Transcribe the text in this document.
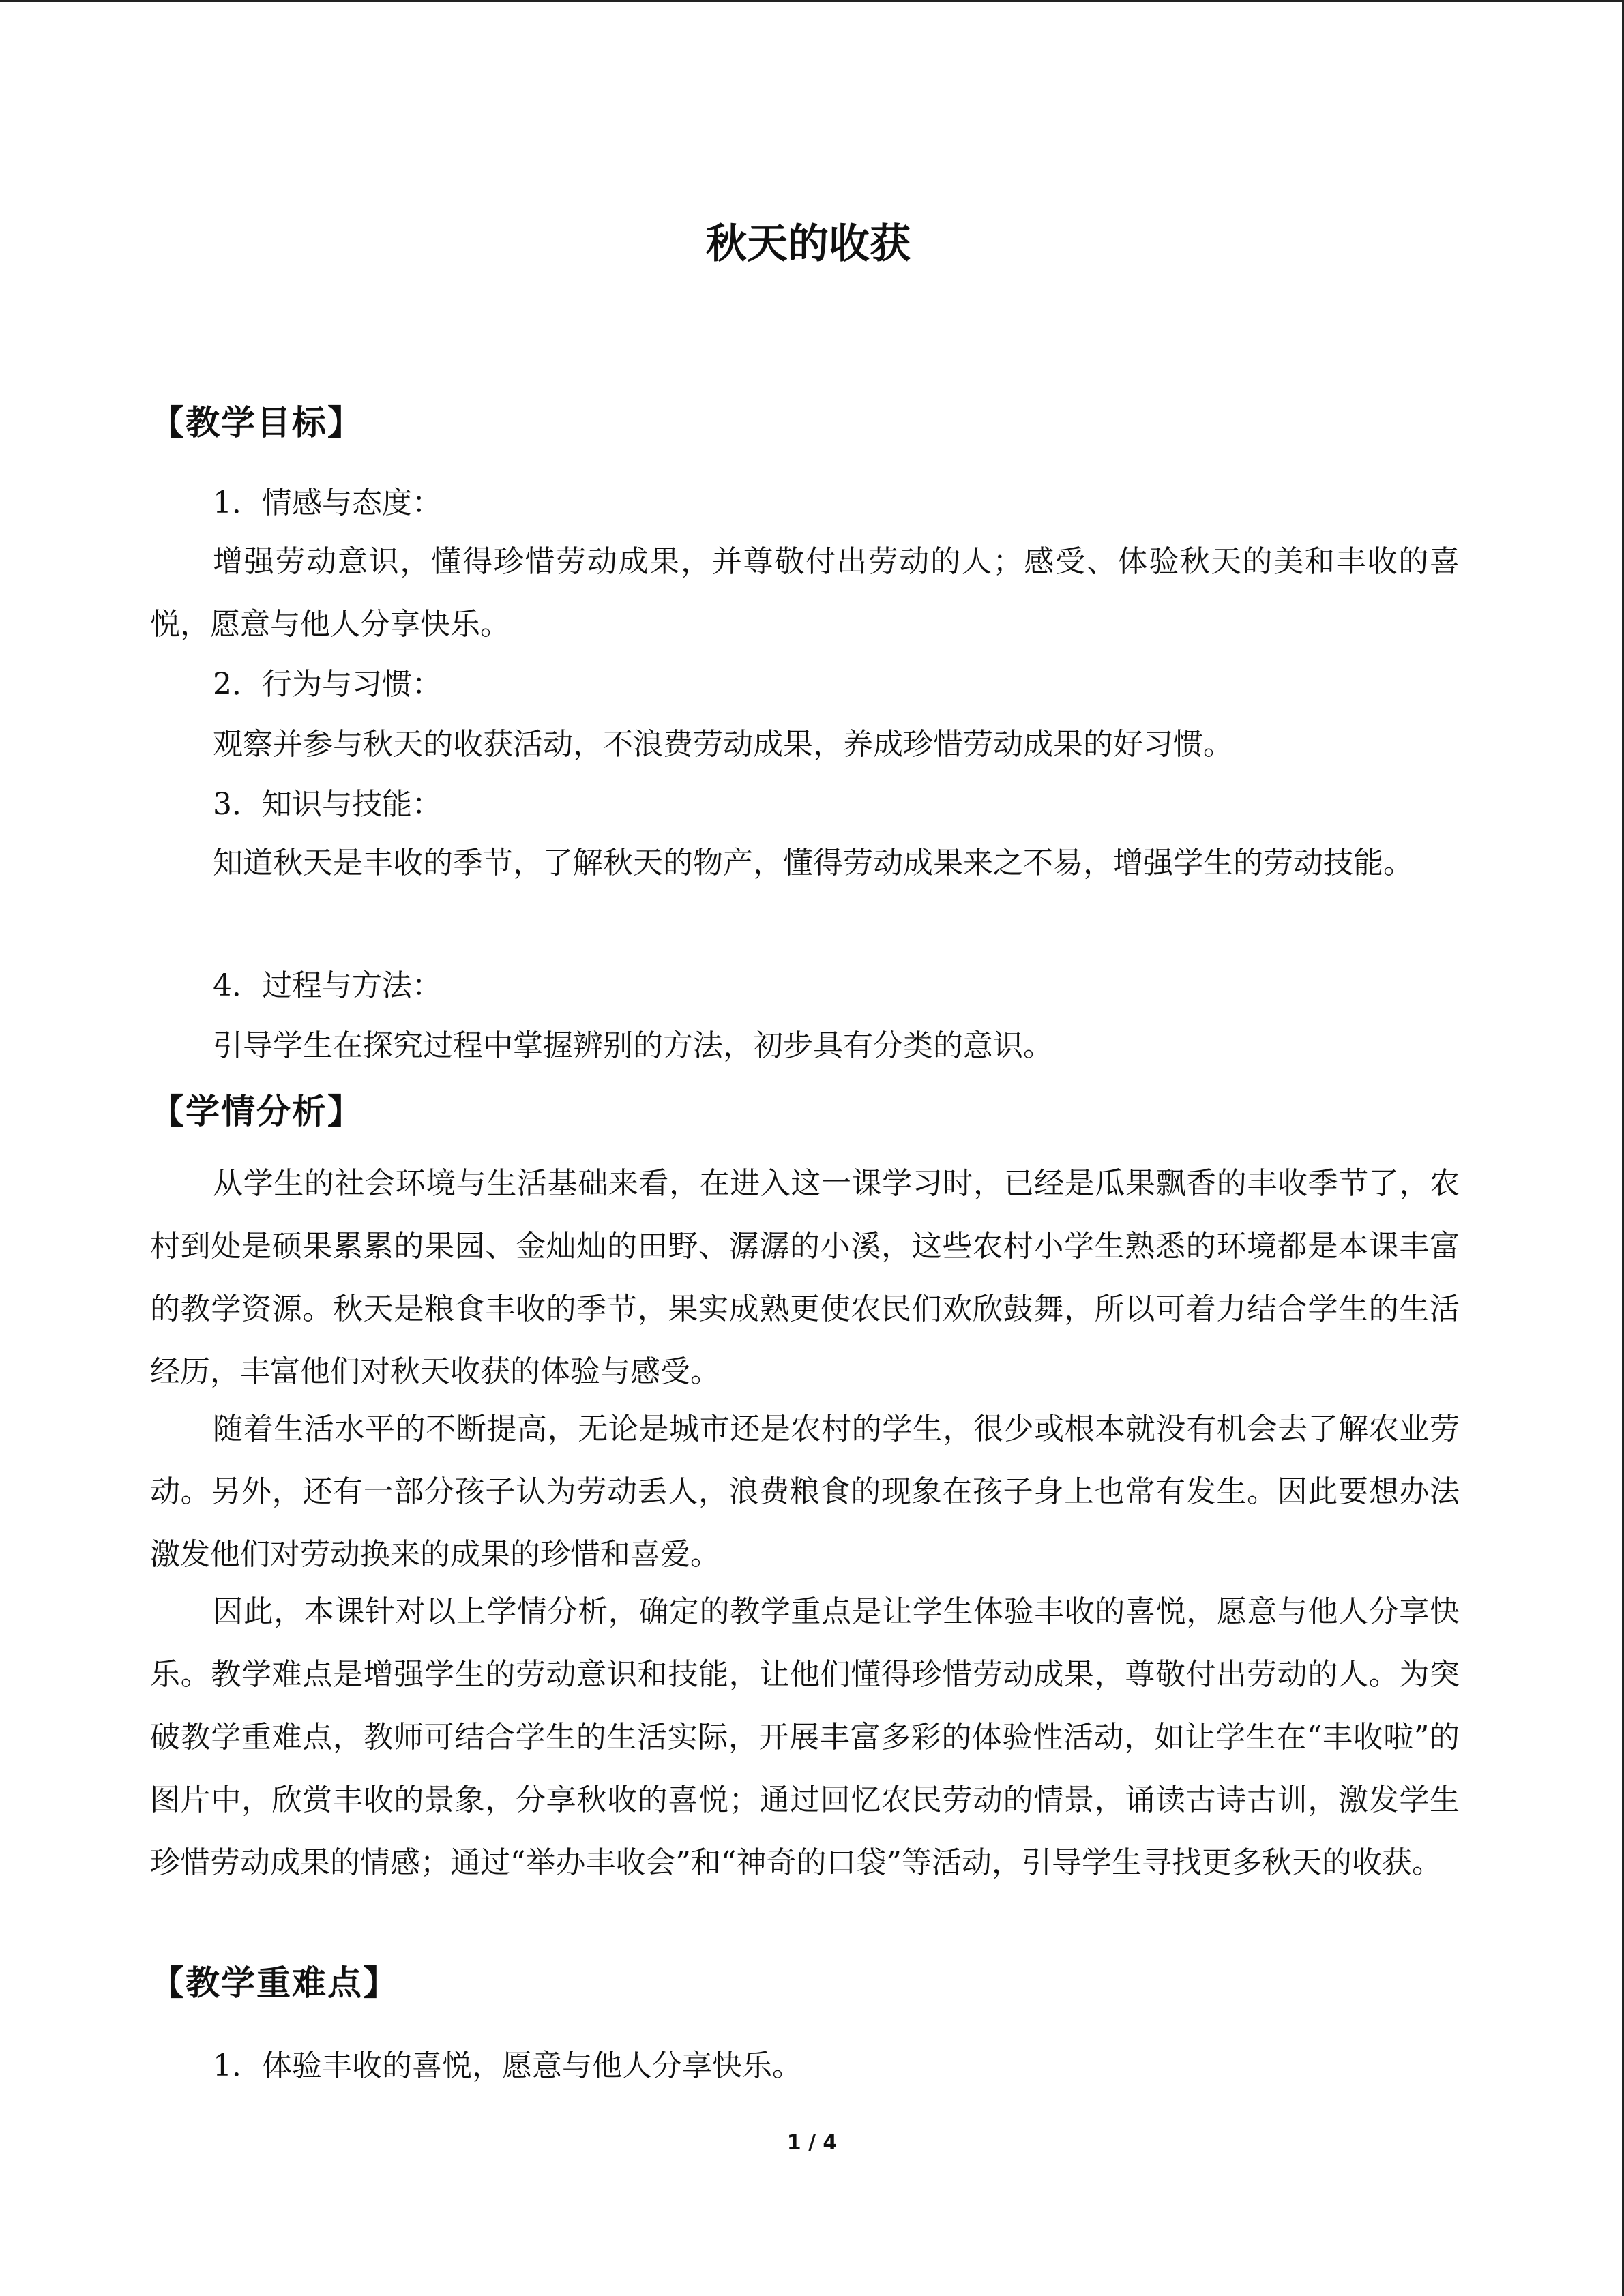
秋天的收获
【教学目标】
1．情感与态度：
增强劳动意识，懂得珍惜劳动成果，并尊敬付出劳动的人；感受、体验秋天的美和丰收的喜悦，愿意与他人分享快乐。
2．行为与习惯：
观察并参与秋天的收获活动，不浪费劳动成果，养成珍惜劳动成果的好习惯。
3．知识与技能：
知道秋天是丰收的季节，了解秋天的物产，懂得劳动成果来之不易，增强学生的劳动技能。
4．过程与方法：
引导学生在探究过程中掌握辨别的方法，初步具有分类的意识。
【学情分析】
从学生的社会环境与生活基础来看，在进入这一课学习时，已经是瓜果飘香的丰收季节了，农村到处是硕果累累的果园、金灿灿的田野、潺潺的小溪，这些农村小学生熟悉的环境都是本课丰富的教学资源。秋天是粮食丰收的季节，果实成熟更使农民们欢欣鼓舞，所以可着力结合学生的生活经历，丰富他们对秋天收获的体验与感受。
随着生活水平的不断提高，无论是城市还是农村的学生，很少或根本就没有机会去了解农业劳动。另外，还有一部分孩子认为劳动丢人，浪费粮食的现象在孩子身上也常有发生。因此要想办法激发他们对劳动换来的成果的珍惜和喜爱。
因此，本课针对以上学情分析，确定的教学重点是让学生体验丰收的喜悦，愿意与他人分享快乐。教学难点是增强学生的劳动意识和技能，让他们懂得珍惜劳动成果，尊敬付出劳动的人。为突破教学重难点，教师可结合学生的生活实际，开展丰富多彩的体验性活动，如让学生在“丰收啦”的图片中，欣赏丰收的景象，分享秋收的喜悦；通过回忆农民劳动的情景，诵读古诗古训，激发学生珍惜劳动成果的情感；通过“举办丰收会”和“神奇的口袋”等活动，引导学生寻找更多秋天的收获。
【教学重难点】
1．体验丰收的喜悦，愿意与他人分享快乐。
1 / 4
